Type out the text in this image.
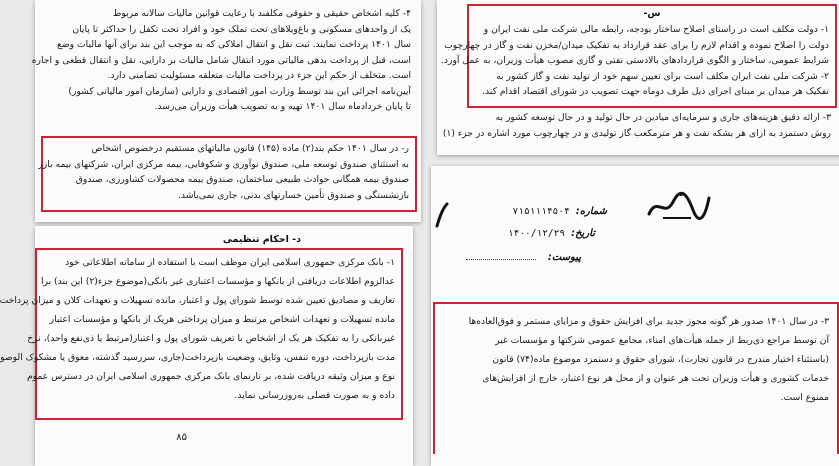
۴- کلیه اشخاص حقیقی و حقوقی مکلفند با رعایت قوانین مالیات سالانه مربوط
یک از واحدهای مسکونی و باغ‌ویلاهای تحت تملک خود و افراد تحت تکفل را حداکثر تا پایان
سال ۱۴۰۱ پرداخت نمایند. ثبت نقل و انتقال املاکی که به موجب این بند برای آنها مالیات وضع
است، قبل از پرداخت بدهی مالیاتی مورد انتقال شامل مالیات بر دارایی، نقل و انتقال قطعی و اجاره
است. متخلف از حکم این جزء در پرداخت مالیات متعلقه مسئولیت تضامنی دارد.
آیین‌نامه اجرائی این بند توسط وزارت امور اقتصادی و دارایی (سازمان امور مالیاتی کشور)
تا پایان خردادماه سال ۱۴۰۱ تهیه و به تصویب هیأت وزیران می‌رسد.
ر- در سال ۱۴۰۱ حکم بند(۲) ماده (۱۴۵) قانون مالیاتهای مستقیم درخصوص اشخاص
به استثنای صندوق توسعه ملی، صندوق نوآوری و شکوفایی، بیمه مرکزی ایران، شرکتهای بیمه بازر
صندوق بیمه همگانی حوادث طبیعی ساختمان، صندوق بیمه محصولات کشاورزی، صندوق
بازنشستگی و صندوق تأمین خسارتهای بدنی، جاری نمی‌باشد.
د- احکام تنظیمی
۱- بانک مرکزی جمهوری اسلامی ایران موظف است با استفاده از سامانه اطلاعاتی خود
عدالزوم اطلاعات دریافتی از بانکها و مؤسسات اعتباری غیر بانکی(موضوع جزء(۲) این بند) برا
تعاریف و مصادیق تعیین شده توسط شورای پول و اعتبار، مانده تسهیلات و تعهدات کلان و میزان پرداخت
مانده تسهیلات و تعهدات اشخاص مرتبط و میزان پرداختی هریک از بانکها و مؤسسات اعتبار
غیربانکی را به تفکیک هر یک از اشخاص با تعریف شورای پول و اعتبار(مرتبط یا ذی‌نفع واحد)، نرخ
مدت بازپرداخت، دوره تنفس، وثایق، وضعیت بازپرداخت(جاری، سررسید گذشته، معوق یا مشکوک الوصو
نوع و میزان وثیقه دریافت شده، بر تارنمای بانک مرکزی جمهوری اسلامی ایران در دسترس عموم
داده و به صورت فصلی به‌روزرسانی نماید.
۸۵
س-
۱- دولت مکلف است در راستای اصلاح ساختار بودجه، رابطه مالی شرکت ملی نفت ایران و
دولت را اصلاح نموده و اقدام لازم را برای عقد قرارداد به تفکیک میدان/مخزن نفت و گاز در چهارچوب
شرایط عمومی، ساختار و الگوی قراردادهای بالادستی نفتی و گازی مصوب هیأت وزیران، به عمل آورد.
۲- شرکت ملی نفت ایران مکلف است برای تعیین سهم خود از تولید نفت و گاز کشور به
تفکیک هر میدان بر مبنای اجرای ذیل طرف دوماه جهت تصویب در شورای اقتصاد اقدام کند.
۳- ارائه دقیق هزینه‌های جاری و سرمایه‌ای میادین در حال تولید و در حال توسعه کشور به
روش دستمزد به ازای هر بشکه نفت و هر مترمکعب گاز تولیدی و در چهارچوب مورد اشاره در جزء (۱)
شماره:
۷۱۵۱۱۱۴۵۰۴
تاریخ:
۱۴۰۰/۱۲/۲۹
پیوست:
۳- در سال ۱۴۰۱ صدور هر گونه مجوز جدید برای افزایش حقوق و مزایای مستمر و فوق‌العاده‌ها
آن توسط مراجع ذی‌ربط از جمله هیأت‌های امناء، مجامع عمومی شرکتها و مؤسسات غیر
(باستثناء اختیار مندرج در قانون تجارت)، شورای حقوق و دستمزد موضوع ماده(۷۴) قانون
خدمات کشوری و هیأت وزیران تحت هر عنوان و از محل هر نوع اعتبار، خارج از افزایش‌های
ممنوع است.
